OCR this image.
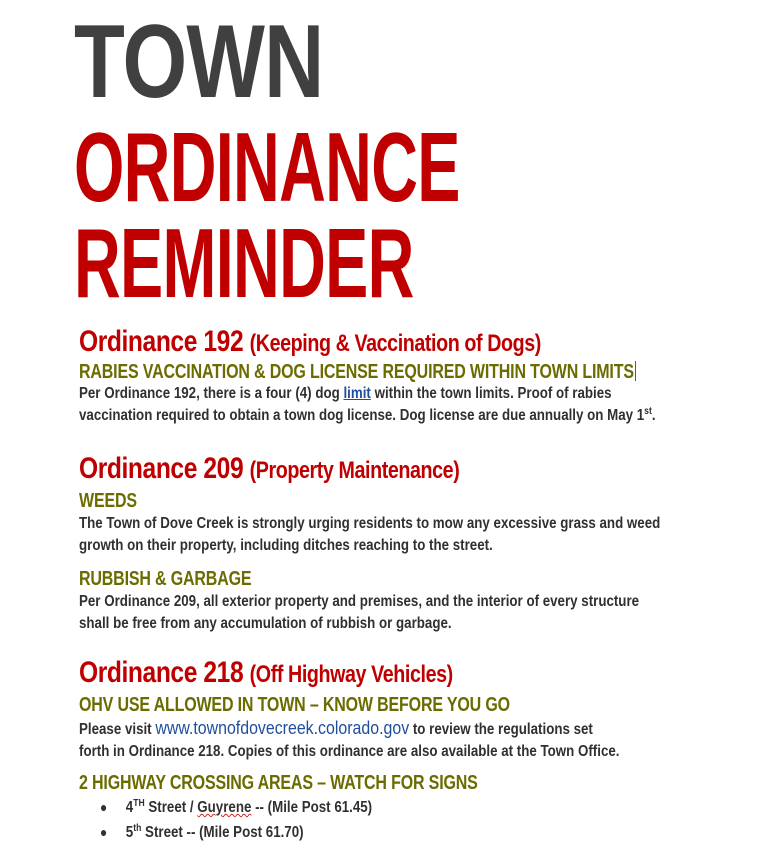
TOWN
ORDINANCE
REMINDER
Ordinance 192 (Keeping & Vaccination of Dogs)
RABIES VACCINATION & DOG LICENSE REQUIRED WITHIN TOWN LIMITS
Per Ordinance 192, there is a four (4) dog limit within the town limits. Proof of rabies
vaccination required to obtain a town dog license. Dog license are due annually on May 1st.
Ordinance 209 (Property Maintenance)
WEEDS
The Town of Dove Creek is strongly urging residents to mow any excessive grass and weed
growth on their property, including ditches reaching to the street.
RUBBISH & GARBAGE
Per Ordinance 209, all exterior property and premises, and the interior of every structure
shall be free from any accumulation of rubbish or garbage.
Ordinance 218 (Off Highway Vehicles)
OHV USE ALLOWED IN TOWN – KNOW BEFORE YOU GO
Please visit www.townofdovecreek.colorado.gov to review the regulations set
forth in Ordinance 218. Copies of this ordinance are also available at the Town Office.
2 HIGHWAY CROSSING AREAS – WATCH FOR SIGNS
● 4TH Street / Guyrene -- (Mile Post 61.45)
● 5th Street -- (Mile Post 61.70)
